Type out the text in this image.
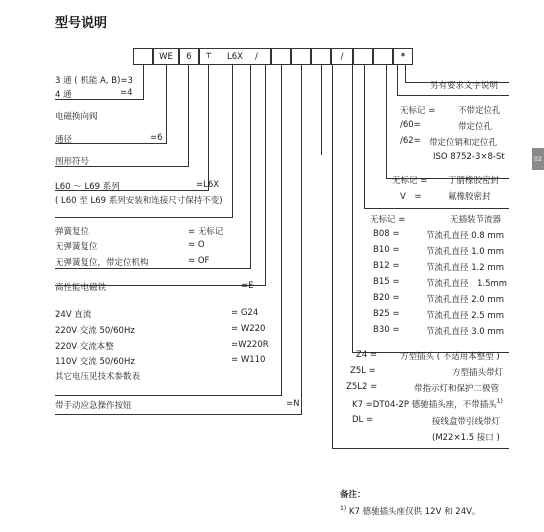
型号说明
02
WE	6	┬ L6X /	/	*
3 通 ( 机能 A, B)=3
4 通	=4
电磁换向阀
通径	=6
图形符号
L60 ～ L69 系列	=L6X
( L60 至 L69 系列安装和连接尺寸保持不变)
弹簧复位	= 无标记
无弹簧复位	= O
无弹簧复位，带定位机构	= OF
高性能电磁铁	=E
24V 直流	= G24
220V 交流 50/60Hz	= W220
220V 交流本整	=W220R
110V 交流 50/60Hz	= W110
其它电压见技术参数表
带手动应急操作按钮	=N
另有要求文字说明
无标记 =	不带定位孔
/60=	带定位孔
/62= 带定位销和定位孔
ISO 8752-3×8-St
无标记 = 丁腈橡胶密封
V　=	氟橡胶密封
无标记 =	无插装节流器
B08 =	节流孔直径 0.8 mm
B10 =	节流孔直径 1.0 mm
B12 =	节流孔直径 1.2 mm
B15 =	节流孔直径　1.5mm
B20 =	节流孔直径 2.0 mm
B25 =	节流孔直径 2.5 mm
B30 =	节流孔直径 3.0 mm
Z4 =	方型插头 ( 不适用本整型 )
Z5L =	方型插头带灯
Z5L2 =	带指示灯和保护二极管
K7 =DT04-2P 德驰插头座，不带插头$^{1)}$
DL =	接线盒带引线带灯
(M22×1.5 接口 )
备注：
$^{1)}$ K7 德驰插头座仅供 12V 和 24V。
